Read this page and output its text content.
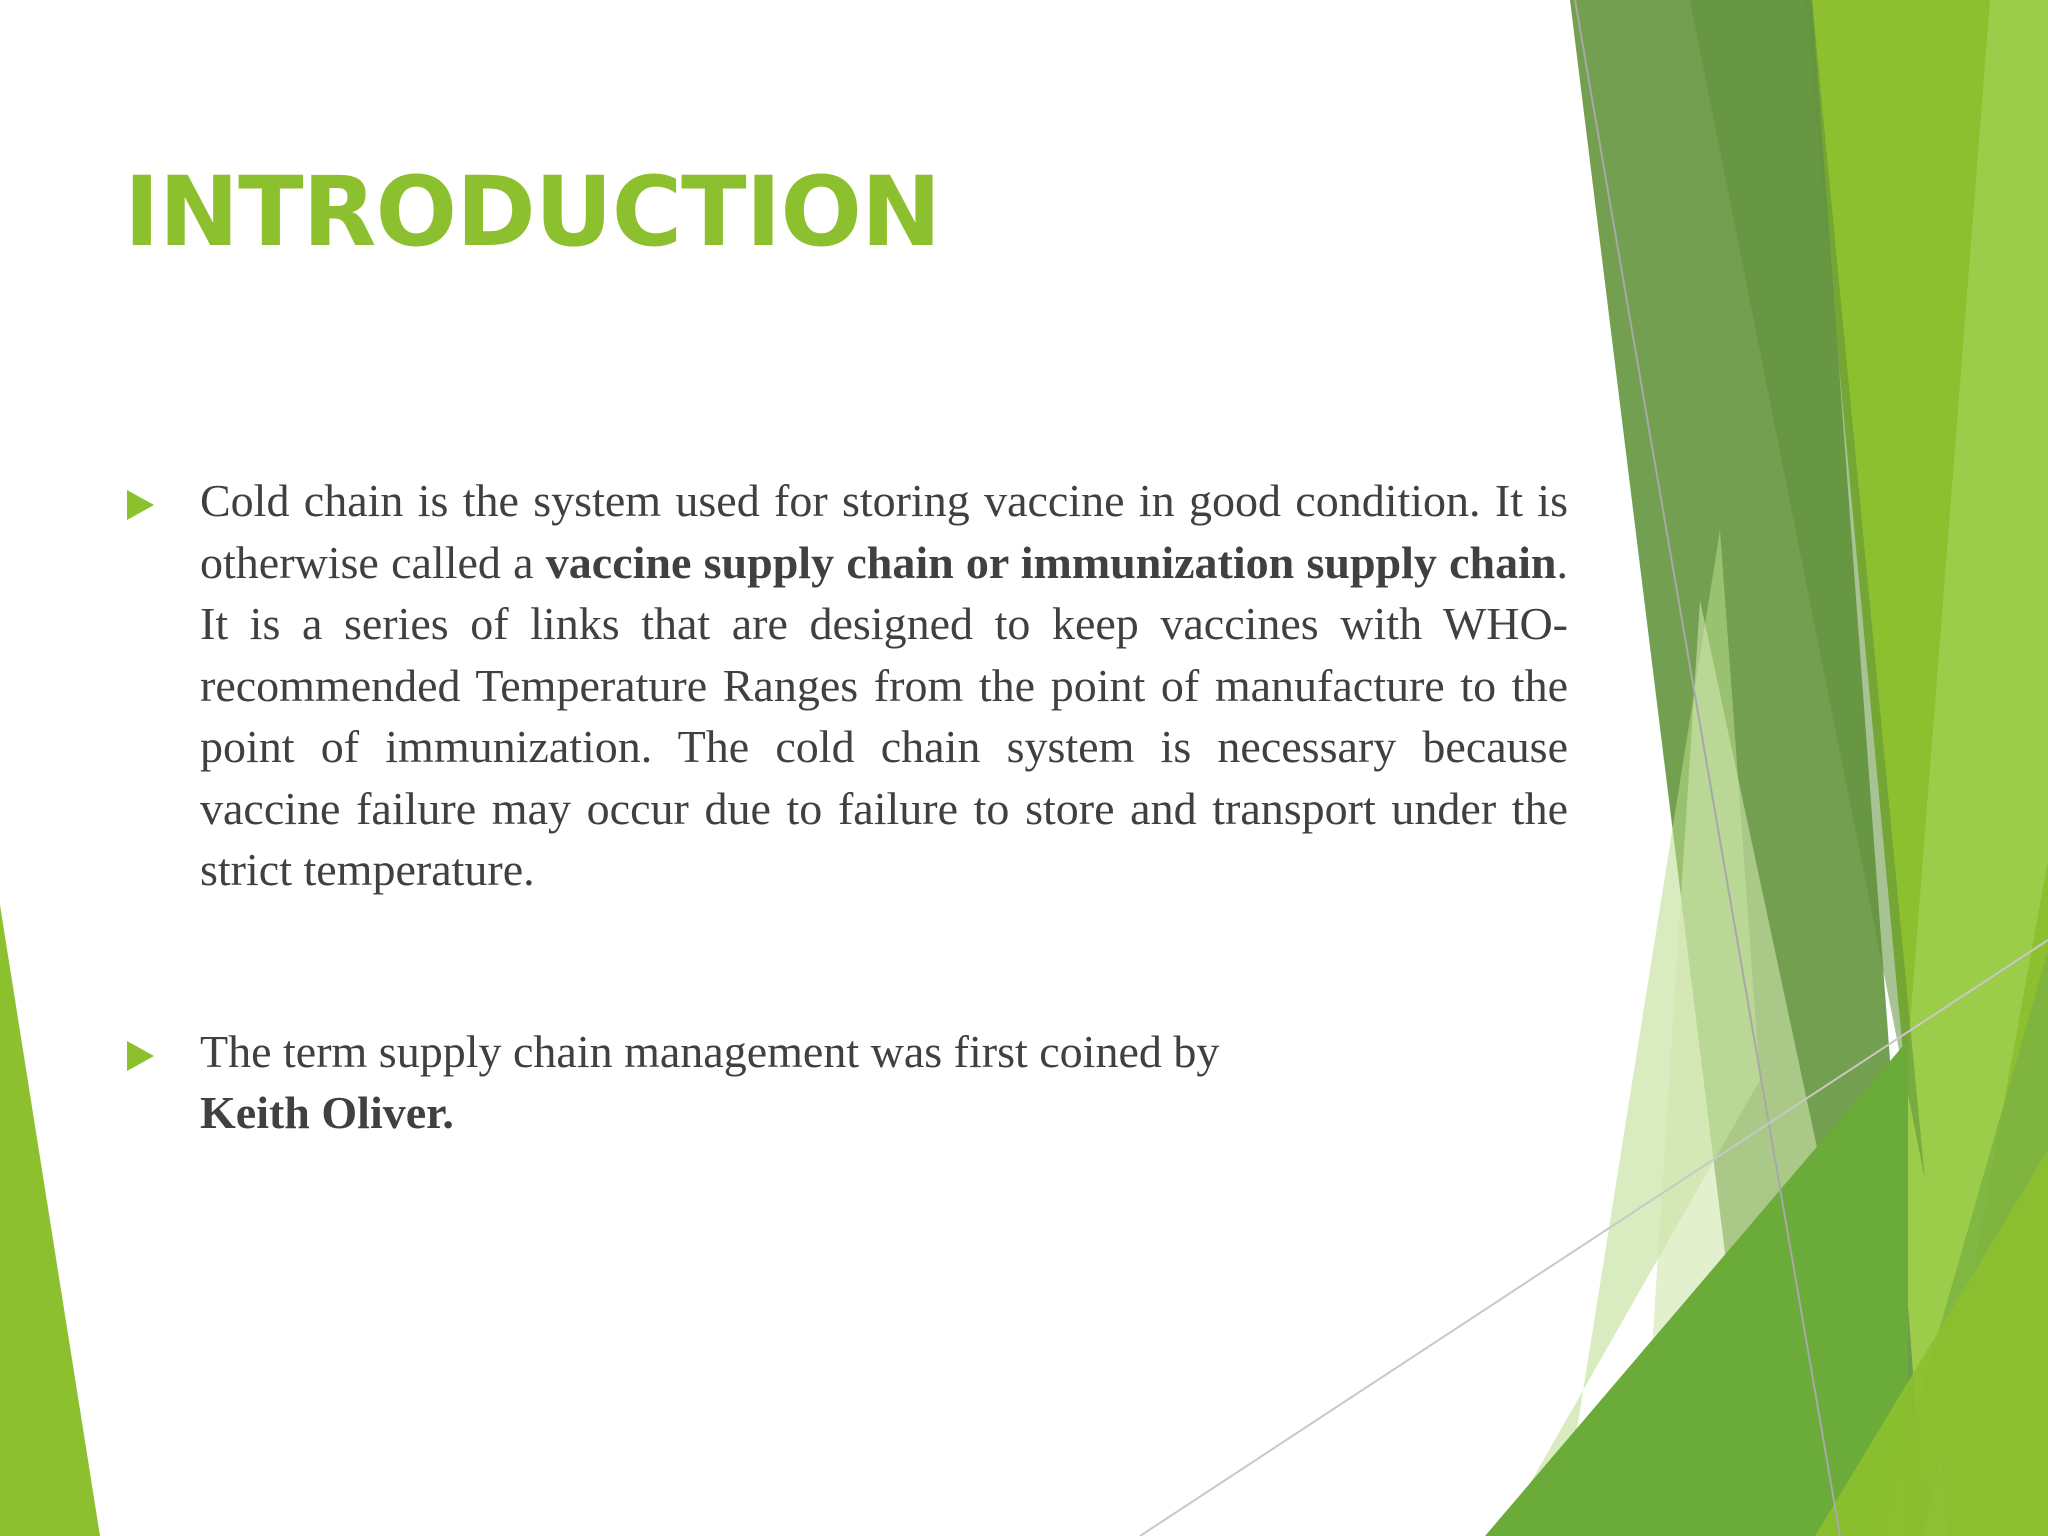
INTRODUCTION
Cold chain is the system used for storing vaccine in good condition. It is otherwise called a vaccine supply chain or immunization supply chain. It is a series of links that are designed to keep vaccines with WHO-recommended Temperature Ranges from the point of manufacture to the point of immunization. The cold chain system is necessary because vaccine failure may occur due to failure to store and transport under the strict temperature.
The term supply chain management was first coined by Keith Oliver.
